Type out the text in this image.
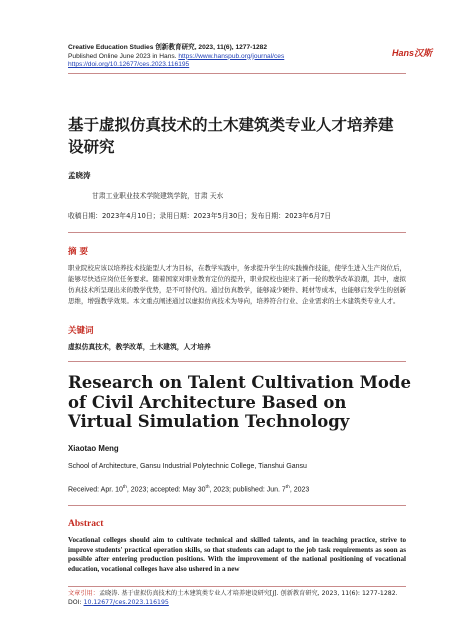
Creative Education Studies 创新教育研究, 2023, 11(6), 1277-1282
Published Online June 2023 in Hans. https://www.hanspub.org/journal/ces
https://doi.org/10.12677/ces.2023.116195
Hans汉斯
基于虚拟仿真技术的土木建筑类专业人才培养建设研究
孟晓涛
甘肃工业职业技术学院建筑学院，甘肃 天水
收稿日期：2023年4月10日；录用日期：2023年5月30日；发布日期：2023年6月7日
摘 要
职业院校应该以培养技术技能型人才为目标，在教学实践中，务求提升学生的实践操作技能，使学生进入生产岗位后，能够尽快适应岗位任务要求。随着国家对职业教育定位的提升，职业院校也迎来了新一轮的教学改革浪潮，其中，虚拟仿真技术所呈现出来的教学优势，是不可替代的。通过仿真教学，能够减少硬件、耗材等成本，也能够启发学生的创新思维，增强教学效果。本文重点阐述通过以虚拟仿真技术为导向，培养符合行业、企业需求的土木建筑类专业人才。
关键词
虚拟仿真技术，教学改革，土木建筑，人才培养
Research on Talent Cultivation Mode of Civil Architecture Based on Virtual Simulation Technology
Xiaotao Meng
School of Architecture, Gansu Industrial Polytechnic College, Tianshui Gansu
Received: Apr. 10th, 2023; accepted: May 30th, 2023; published: Jun. 7th, 2023
Abstract
Vocational colleges should aim to cultivate technical and skilled talents, and in teaching practice, strive to improve students' practical operation skills, so that students can adapt to the job task requirements as soon as possible after entering production positions. With the improvement of the national positioning of vocational education, vocational colleges have also ushered in a new
文章引用：孟晓涛. 基于虚拟仿真技术的土木建筑类专业人才培养建设研究[J]. 创新教育研究, 2023, 11(6): 1277-1282.
DOI: 10.12677/ces.2023.116195
